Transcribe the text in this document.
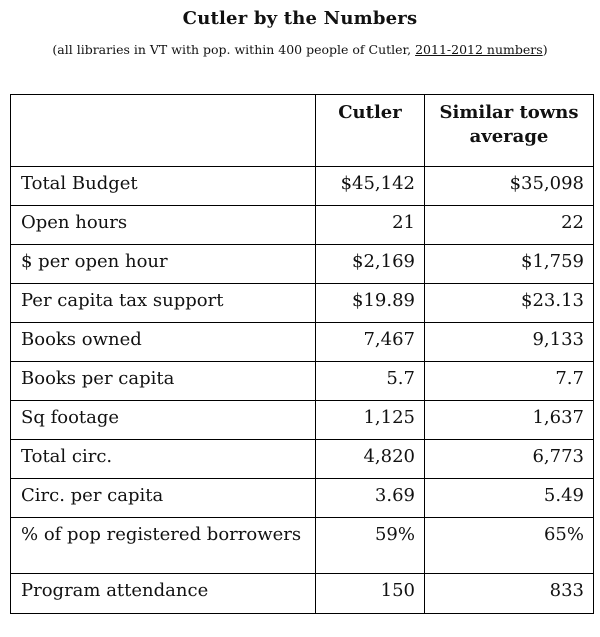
Cutler by the Numbers
(all libraries in VT with pop. within 400 people of Cutler, 2011-2012 numbers)
	Cutler	Similar towns average
Total Budget	$45,142	$35,098
Open hours	21	22
$ per open hour	$2,169	$1,759
Per capita tax support	$19.89	$23.13
Books owned	7,467	9,133
Books per capita	5.7	7.7
Sq footage	1,125	1,637
Total circ.	4,820	6,773
Circ. per capita	3.69	5.49
% of pop registered borrowers	59%	65%
Program attendance	150	833
